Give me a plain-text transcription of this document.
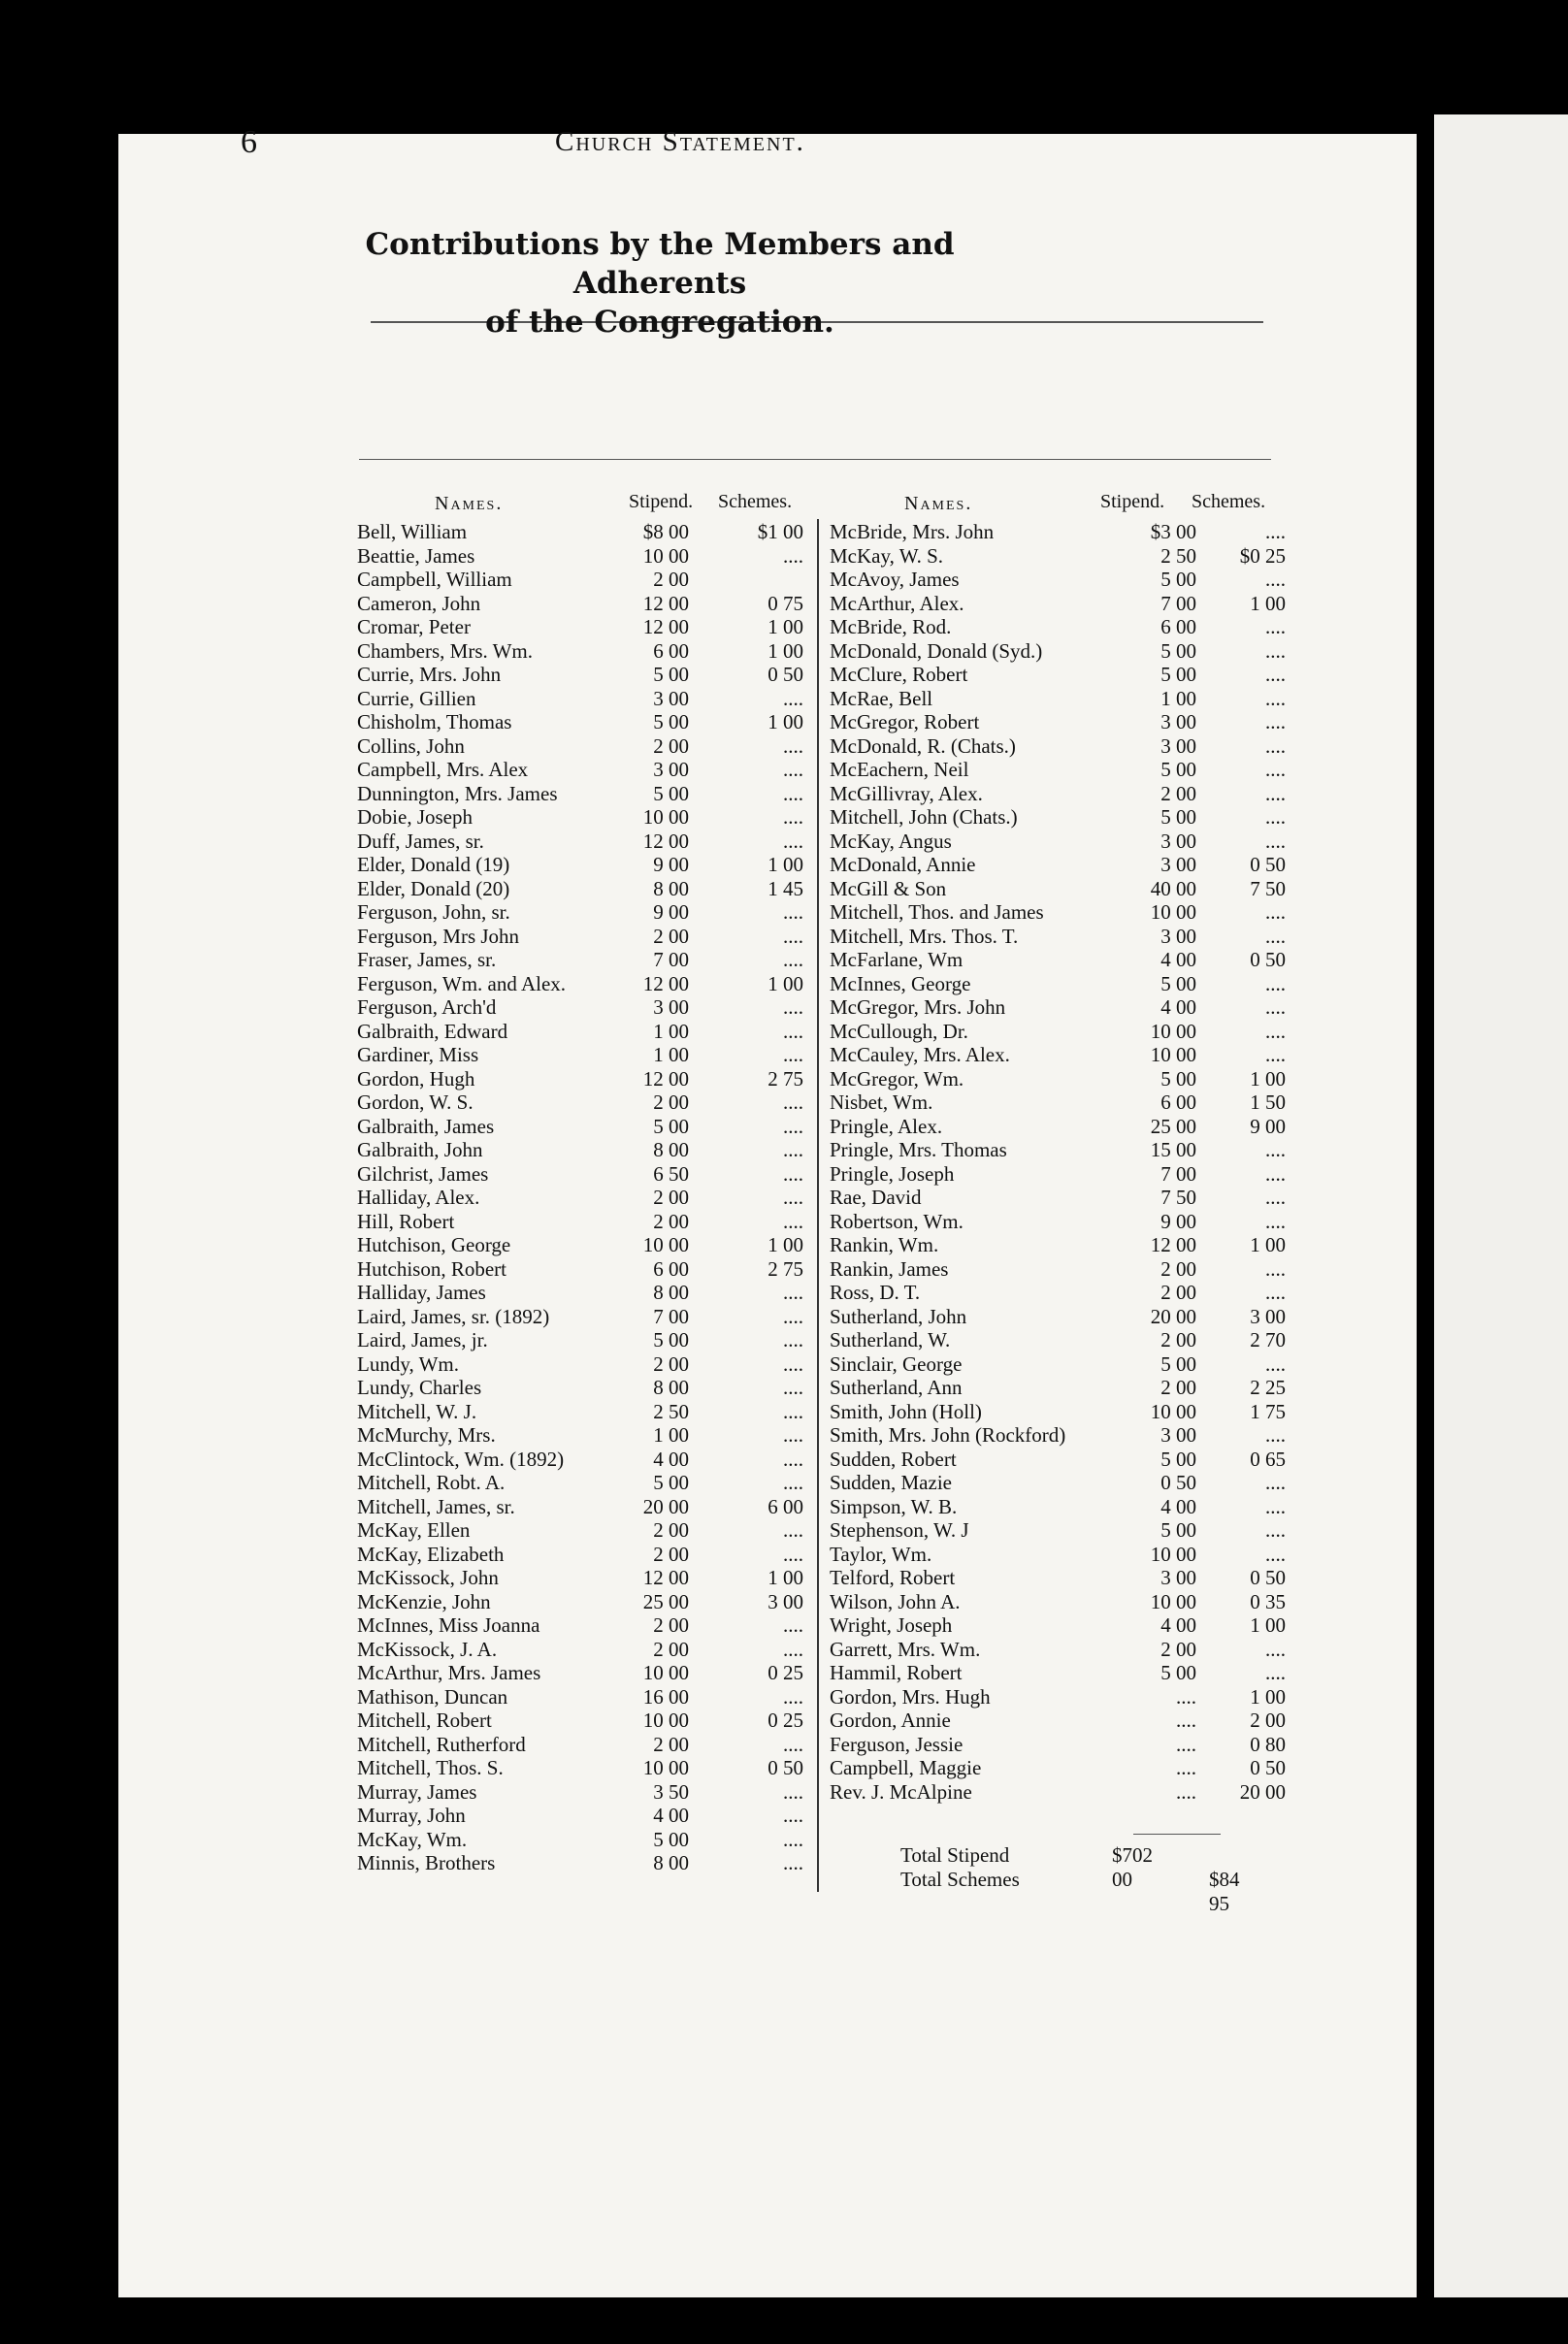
6	Church Statement.
Contributions by the Members and Adherents
of the Congregation.
Names.	Stipend. Schemes.	Names.	Stipend. Schemes.
Bell, William	$8 00	$1 00
Beattie, James	10 00	....
Campbell, William	2 00
Cameron, John	12 00	0 75
Cromar, Peter	12 00	1 00
Chambers, Mrs. Wm.	6 00	1 00
Currie, Mrs. John	5 00	0 50
Currie, Gillien	3 00	....
Chisholm, Thomas	5 00	1 00
Collins, John	2 00	....
Campbell, Mrs. Alex	3 00	....
Dunnington, Mrs. James	5 00	....
Dobie, Joseph	10 00	....
Duff, James, sr.	12 00	....
Elder, Donald (19)	9 00	1 00
Elder, Donald (20)	8 00	1 45
Ferguson, John, sr.	9 00	....
Ferguson, Mrs John	2 00	....
Fraser, James, sr.	7 00	....
Ferguson, Wm. and Alex.	12 00	1 00
Ferguson, Arch'd	3 00	....
Galbraith, Edward	1 00	....
Gardiner, Miss	1 00	....
Gordon, Hugh	12 00	2 75
Gordon, W. S.	2 00	....
Galbraith, James	5 00	....
Galbraith, John	8 00	....
Gilchrist, James	6 50	....
Halliday, Alex.	2 00	....
Hill, Robert	2 00	....
Hutchison, George	10 00	1 00
Hutchison, Robert	6 00	2 75
Halliday, James	8 00	....
Laird, James, sr. (1892)	7 00	....
Laird, James, jr.	5 00	....
Lundy, Wm.	2 00	....
Lundy, Charles	8 00	....
Mitchell, W. J.	2 50	....
McMurchy, Mrs.	1 00	....
McClintock, Wm. (1892)	4 00	....
Mitchell, Robt. A.	5 00	....
Mitchell, James, sr.	20 00	6 00
McKay, Ellen	2 00	....
McKay, Elizabeth	2 00	....
McKissock, John	12 00	1 00
McKenzie, John	25 00	3 00
McInnes, Miss Joanna	2 00	....
McKissock, J. A.	2 00	....
McArthur, Mrs. James	10 00	0 25
Mathison, Duncan	16 00	....
Mitchell, Robert	10 00	0 25
Mitchell, Rutherford	2 00	....
Mitchell, Thos. S.	10 00	0 50
Murray, James	3 50	....
Murray, John	4 00	....
McKay, Wm.	5 00	....
Minnis, Brothers	8 00	....
McBride, Mrs. John	$3 00	....
McKay, W. S.	2 50 $0 25
McAvoy, James	5 00	....
McArthur, Alex.	7 00	1 00
McBride, Rod.	6 00	....
McDonald, Donald (Syd.)	5 00	....
McClure, Robert	5 00	....
McRae, Bell	1 00	....
McGregor, Robert	3 00	....
McDonald, R. (Chats.)	3 00	....
McEachern, Neil	5 00	....
McGillivray, Alex.	2 00	....
Mitchell, John (Chats.)	5 00	....
McKay, Angus	3 00	....
McDonald, Annie	3 00	0 50
McGill & Son	40 00	7 50
Mitchell, Thos. and James	10 00	....
Mitchell, Mrs. Thos. T.	3 00	....
McFarlane, Wm	4 00	0 50
McInnes, George	5 00	....
McGregor, Mrs. John	4 00	....
McCullough, Dr.	10 00	....
McCauley, Mrs. Alex.	10 00	....
McGregor, Wm.	5 00	1 00
Nisbet, Wm.	6 00	1 50
Pringle, Alex.	25 00	9 00
Pringle, Mrs. Thomas	15 00	....
Pringle, Joseph	7 00	....
Rae, David	7 50	....
Robertson, Wm.	9 00	....
Rankin, Wm.	12 00	1 00
Rankin, James	2 00	....
Ross, D. T.	2 00	....
Sutherland, John	20 00	3 00
Sutherland, W.	2 00	2 70
Sinclair, George	5 00	....
Sutherland, Ann	2 00	2 25
Smith, John (Holl)	10 00	1 75
Smith, Mrs. John (Rockford)	3 00	....
Sudden, Robert	5 00	0 65
Sudden, Mazie	0 50	....
Simpson, W. B.	4 00	....
Stephenson, W. J	5 00	....
Taylor, Wm.	10 00	....
Telford, Robert	3 00	0 50
Wilson, John A.	10 00	0 35
Wright, Joseph	4 00	1 00
Garrett, Mrs. Wm.	2 00	....
Hammil, Robert	5 00	....
Gordon, Mrs. Hugh	....	1 00
Gordon, Annie	....	2 00
Ferguson, Jessie	....	0 80
Campbell, Maggie	....	0 50
Rev. J. McAlpine	.... 20 00
Total Stipend	$702 00
Total Schemes	$84 95
